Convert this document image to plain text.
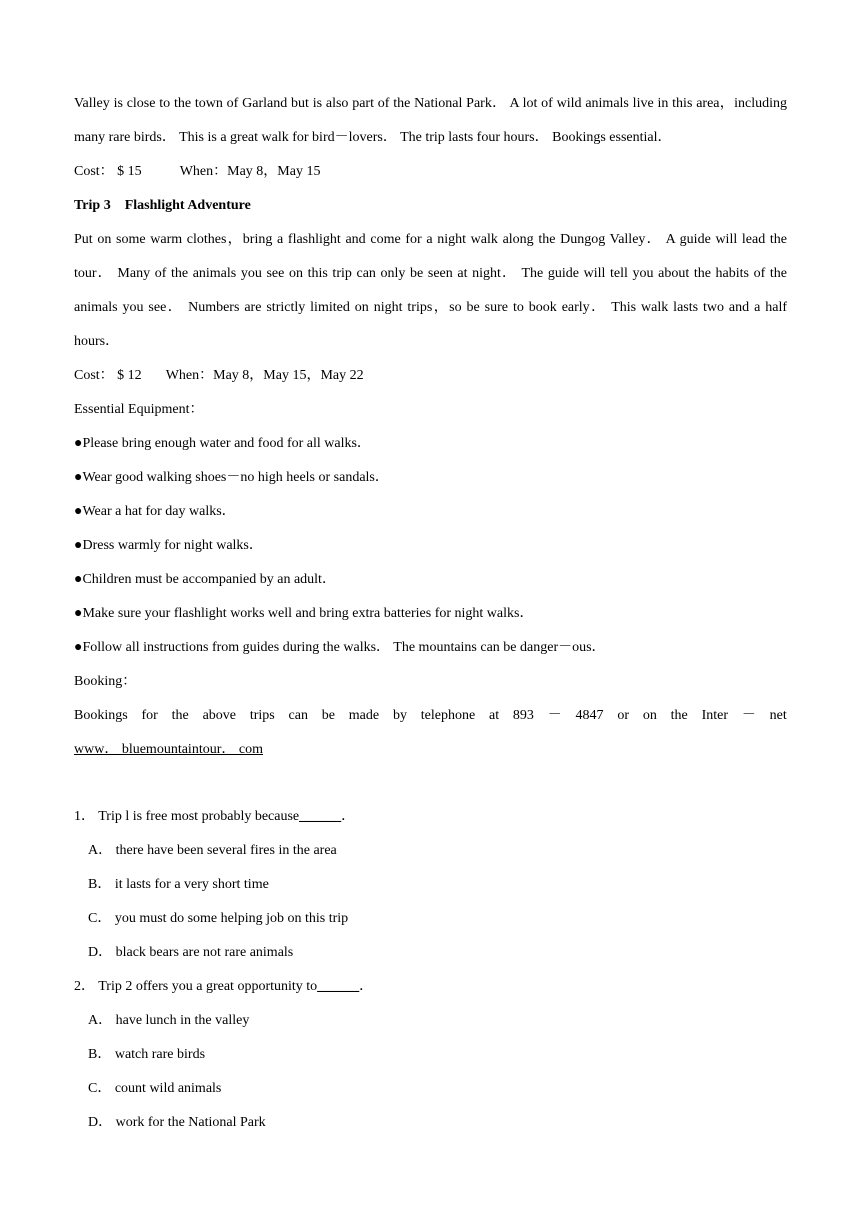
Valley is close to the town of Garland but is also part of the National Park． A lot of wild animals live in this area，including many rare birds． This is a great walk for bird－lovers． The trip lasts four hours． Bookings essential．
Cost： $ 15	When：May 8，May 15
Trip 3    Flashlight Adventure
Put on some warm clothes，bring a flashlight and come for a night walk along the Dungog Valley． A guide will lead the tour． Many of the animals you see on this trip can only be seen at night． The guide will tell you about the habits of the animals you see． Numbers are strictly limited on night trips，so be sure to book early． This walk lasts two and a half hours．
Cost： $ 12 When：May 8，May 15，May 22
Essential Equipment：
●Please bring enough water and food for all walks．
●Wear good walking shoes－no high heels or sandals．
●Wear a hat for day walks．
●Dress warmly for night walks．
●Children must be accompanied by an adult．
●Make sure your flashlight works well and bring extra batteries for night walks．
●Follow all instructions from guides during the walks． The mountains can be danger－ous．
Booking：
Bookings for the above trips can be made by telephone at 893 － 4847 or on the Inter － net
www． bluemountaintour． com
1． Trip l is free most probably because______．
A． there have been several fires in the area
B． it lasts for a very short time
C． you must do some helping job on this trip
D． black bears are not rare animals
2． Trip 2 offers you a great opportunity to______．
A． have lunch in the valley
B． watch rare birds
C． count wild animals
D． work for the National Park
